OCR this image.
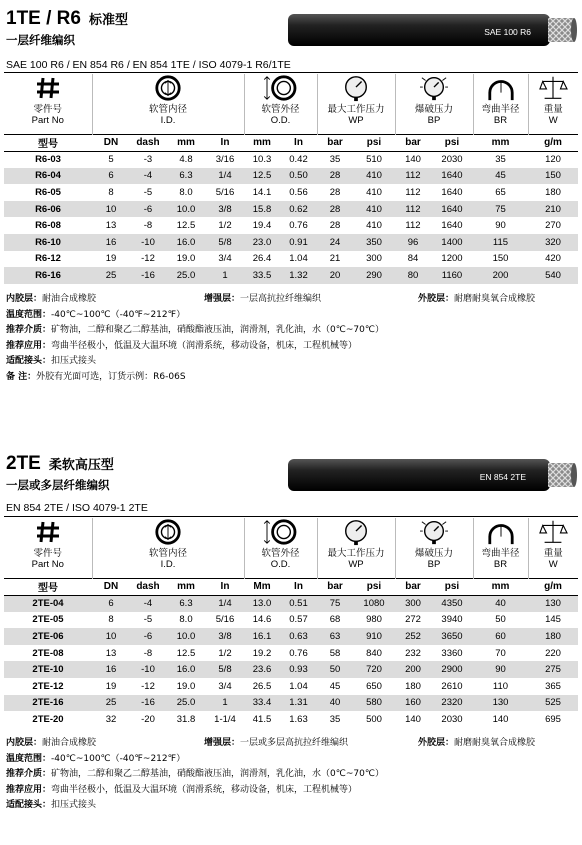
1TE / R6 标准型
一层纤维编织
SAE 100 R6
SAE 100 R6 / EN 854 R6 / EN 854 1TE / ISO 4079-1 R6/1TE
零件号
Part No	软管内径
I.D.				软管外径
O.D.		最大工作压力
WP		爆破压力
BP		弯曲半径
BR	重量
W

型号	DN	dash	mm	In	mm	In	bar	psi	bar	psi	mm	g/m
R6-03	5	-3	4.8	3/16	10.3	0.42	35	510	140	2030	35	120
R6-04	6	-4	6.3	1/4	12.5	0.50	28	410	112	1640	45	150
R6-05	8	-5	8.0	5/16	14.1	0.56	28	410	112	1640	65	180
R6-06	10	-6	10.0	3/8	15.8	0.62	28	410	112	1640	75	210
R6-08	13	-8	12.5	1/2	19.4	0.76	28	410	112	1640	90	270
R6-10	16	-10	16.0	5/8	23.0	0.91	24	350	96	1400	115	320
R6-12	19	-12	19.0	3/4	26.4	1.04	21	300	84	1200	150	420
R6-16	25	-16	25.0	1	33.5	1.32	20	290	80	1160	200	540
内胶层：耐油合成橡胶	增强层：一层高抗拉纤维编织	外胶层：耐磨耐臭氧合成橡胶
温度范围：-40℃~100℃（-40℉~212℉）
推荐介质：矿物油，二醇和聚乙二醇基油，硝酸酯液压油，润滑剂，乳化油，水（0℃~70℃）
推荐应用：弯曲半径极小，低温及大温环境（润滑系统，移动设备，机床，工程机械等）
适配接头：扣压式接头
备 注：外胶有光面可选，订货示例：R6-06S
2TE 柔软高压型
一层或多层纤维编织
EN 854 2TE
EN 854 2TE / ISO 4079-1 2TE
零件号
Part No	软管内径
I.D.				软管外径
O.D.		最大工作压力
WP		爆破压力
BP		弯曲半径
BR	重量
W

型号	DN	dash	mm	In	Mm	In	bar	psi	bar	psi	mm	g/m
2TE-04	6	-4	6.3	1/4	13.0	0.51	75	1080	300	4350	40	130
2TE-05	8	-5	8.0	5/16	14.6	0.57	68	980	272	3940	50	145
2TE-06	10	-6	10.0	3/8	16.1	0.63	63	910	252	3650	60	180
2TE-08	13	-8	12.5	1/2	19.2	0.76	58	840	232	3360	70	220
2TE-10	16	-10	16.0	5/8	23.6	0.93	50	720	200	2900	90	275
2TE-12	19	-12	19.0	3/4	26.5	1.04	45	650	180	2610	110	365
2TE-16	25	-16	25.0	1	33.4	1.31	40	580	160	2320	130	525
2TE-20	32	-20	31.8	1-1/4	41.5	1.63	35	500	140	2030	140	695
内胶层：耐油合成橡胶	增强层：一层或多层高抗拉纤维编织	外胶层：耐磨耐臭氧合成橡胶
温度范围：-40℃~100℃（-40℉~212℉）
推荐介质：矿物油，二醇和聚乙二醇基油，硝酸酯液压油，润滑剂，乳化油，水（0℃~70℃）
推荐应用：弯曲半径极小，低温及大温环境（润滑系统，移动设备，机床，工程机械等）
适配接头：扣压式接头
